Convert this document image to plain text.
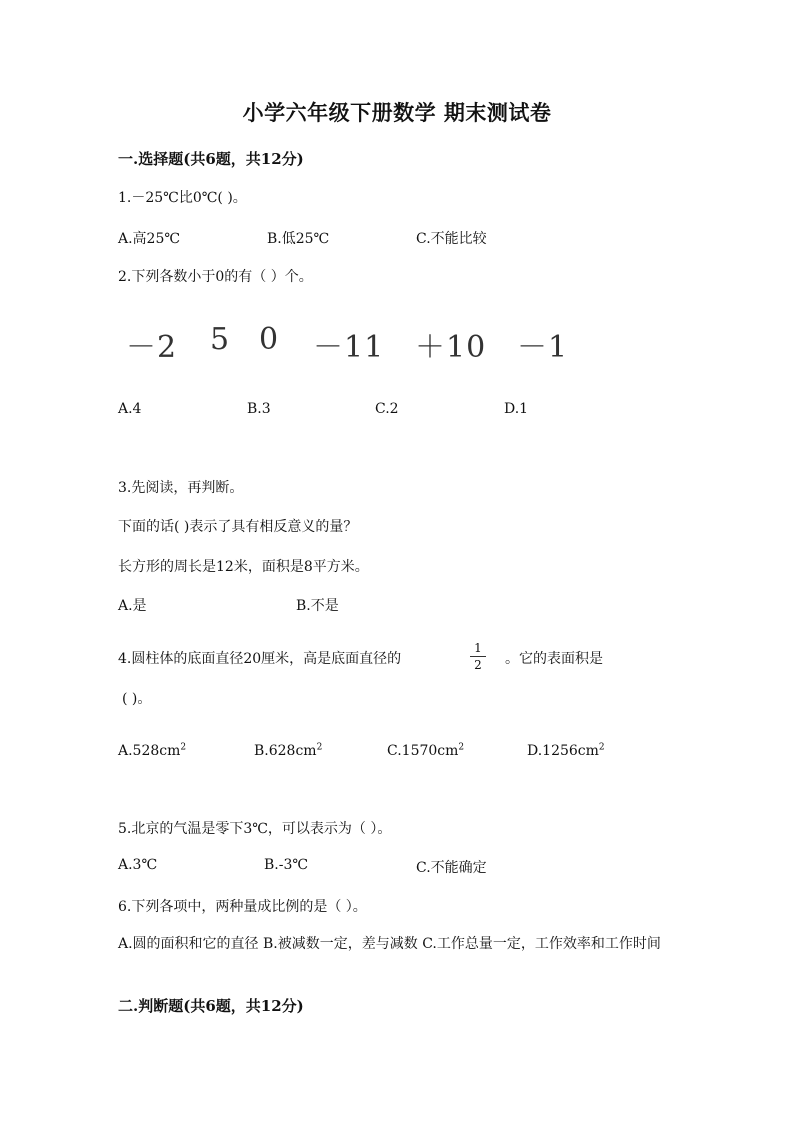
小学六年级下册数学 期末测试卷
一.选择题(共6题，共12分)
1.－25℃比0℃( )。
A.高25℃	B.低25℃	C.不能比较
2.下列各数小于0的有（ ）个。
－2 5 0 －11 ＋10 －1
A.4	B.3	C.2	D.1
3.先阅读，再判断。
下面的话( )表示了具有相反意义的量？
长方形的周长是12米，面积是8平方米。
A.是	B.不是
4.圆柱体的底面直径20厘米，高是底面直径的
1
2 。它的表面积是
( )。
$A.528cm^2$	$B.628cm^2$	$C.1570cm^2$	$D.1256cm^2$
5.北京的气温是零下3℃，可以表示为（ ）。
A.3℃	B.-3℃	C.不能确定
6.下列各项中，两种量成比例的是（ ）。
A.圆的面积和它的直径 B.被减数一定，差与减数 C.工作总量一定，工作效率和工作时间
二.判断题(共6题，共12分)
